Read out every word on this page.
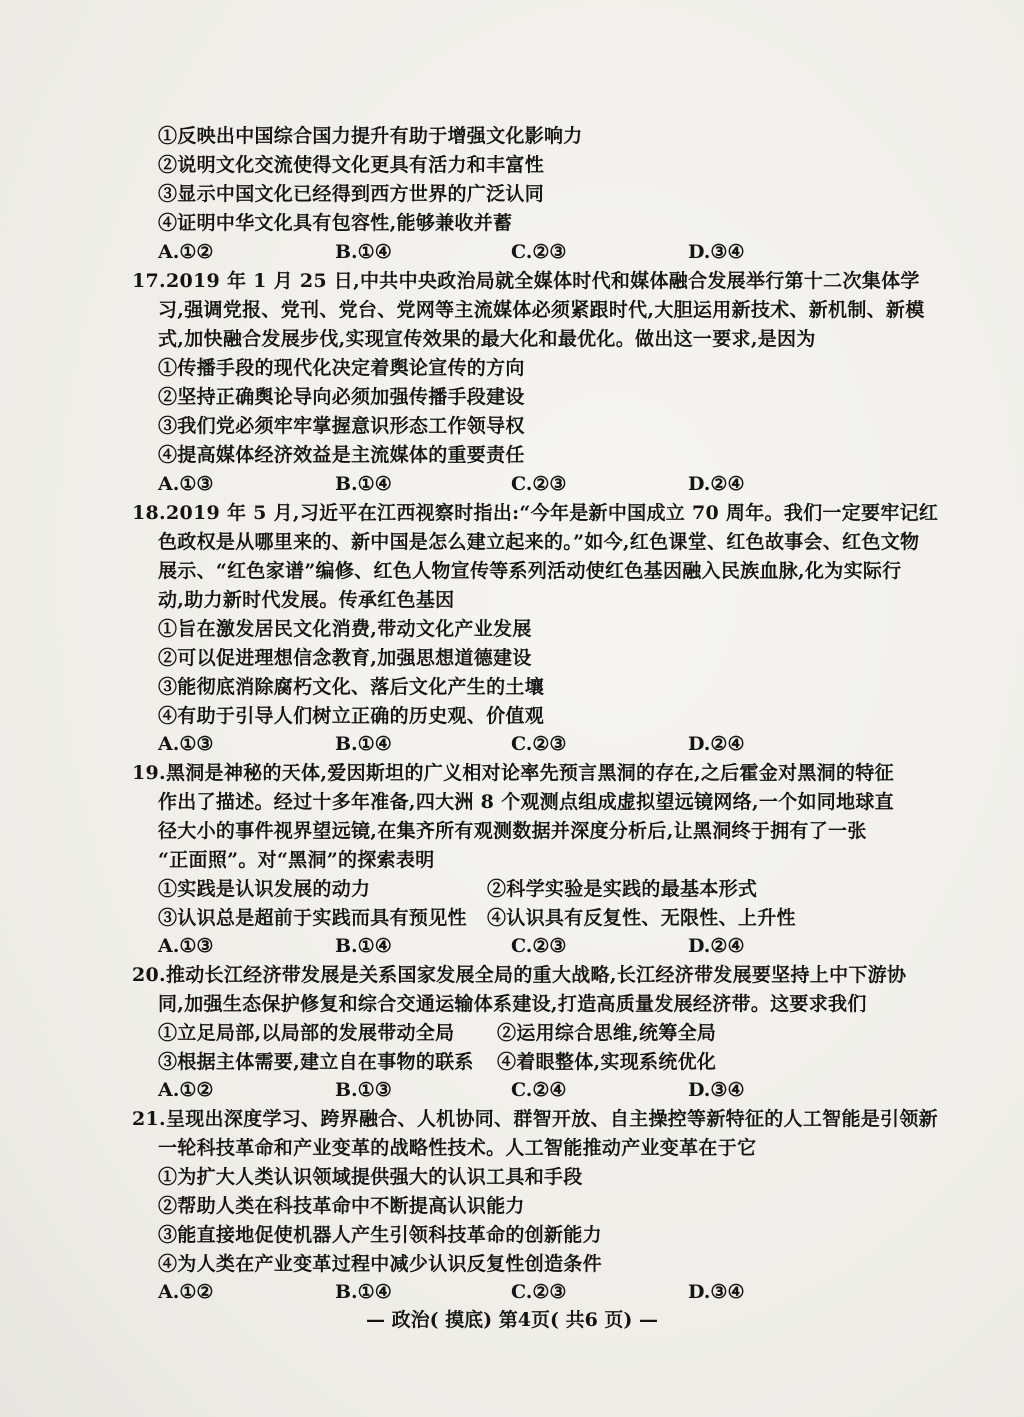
①反映出中国综合国力提升有助于增强文化影响力
②说明文化交流使得文化更具有活力和丰富性
③显示中国文化已经得到西方世界的广泛认同
④证明中华文化具有包容性,能够兼收并蓄
A.①②	B.①④	C.②③	D.③④
17.2019 年 1 月 25 日,中共中央政治局就全媒体时代和媒体融合发展举行第十二次集体学
习,强调党报、党刊、党台、党网等主流媒体必须紧跟时代,大胆运用新技术、新机制、新模
式,加快融合发展步伐,实现宣传效果的最大化和最优化。做出这一要求,是因为
①传播手段的现代化决定着舆论宣传的方向
②坚持正确舆论导向必须加强传播手段建设
③我们党必须牢牢掌握意识形态工作领导权
④提高媒体经济效益是主流媒体的重要责任
A.①③	B.①④	C.②③	D.②④
18.2019 年 5 月,习近平在江西视察时指出:“今年是新中国成立 70 周年。我们一定要牢记红
色政权是从哪里来的、新中国是怎么建立起来的。”如今,红色课堂、红色故事会、红色文物
展示、“红色家谱”编修、红色人物宣传等系列活动使红色基因融入民族血脉,化为实际行
动,助力新时代发展。传承红色基因
①旨在激发居民文化消费,带动文化产业发展
②可以促进理想信念教育,加强思想道德建设
③能彻底消除腐朽文化、落后文化产生的土壤
④有助于引导人们树立正确的历史观、价值观
A.①③	B.①④	C.②③	D.②④
19.黑洞是神秘的天体,爱因斯坦的广义相对论率先预言黑洞的存在,之后霍金对黑洞的特征
作出了描述。经过十多年准备,四大洲 8 个观测点组成虚拟望远镜网络,一个如同地球直
径大小的事件视界望远镜,在集齐所有观测数据并深度分析后,让黑洞终于拥有了一张
“正面照”。对“黑洞”的探索表明
①实践是认识发展的动力	②科学实验是实践的最基本形式
③认识总是超前于实践而具有预见性 ④认识具有反复性、无限性、上升性
A.①③	B.①④	C.②③	D.②④
20.推动长江经济带发展是关系国家发展全局的重大战略,长江经济带发展要坚持上中下游协
同,加强生态保护修复和综合交通运输体系建设,打造高质量发展经济带。这要求我们
①立足局部,以局部的发展带动全局 ②运用综合思维,统筹全局
③根据主体需要,建立自在事物的联系 ④着眼整体,实现系统优化
A.①②	B.①③	C.②④	D.③④
21.呈现出深度学习、跨界融合、人机协同、群智开放、自主操控等新特征的人工智能是引领新
一轮科技革命和产业变革的战略性技术。人工智能推动产业变革在于它
①为扩大人类认识领域提供强大的认识工具和手段
②帮助人类在科技革命中不断提高认识能力
③能直接地促使机器人产生引领科技革命的创新能力
④为人类在产业变革过程中减少认识反复性创造条件
A.①②	B.①④	C.②③	D.③④
— 政治( 摸底) 第4页( 共6 页) —
